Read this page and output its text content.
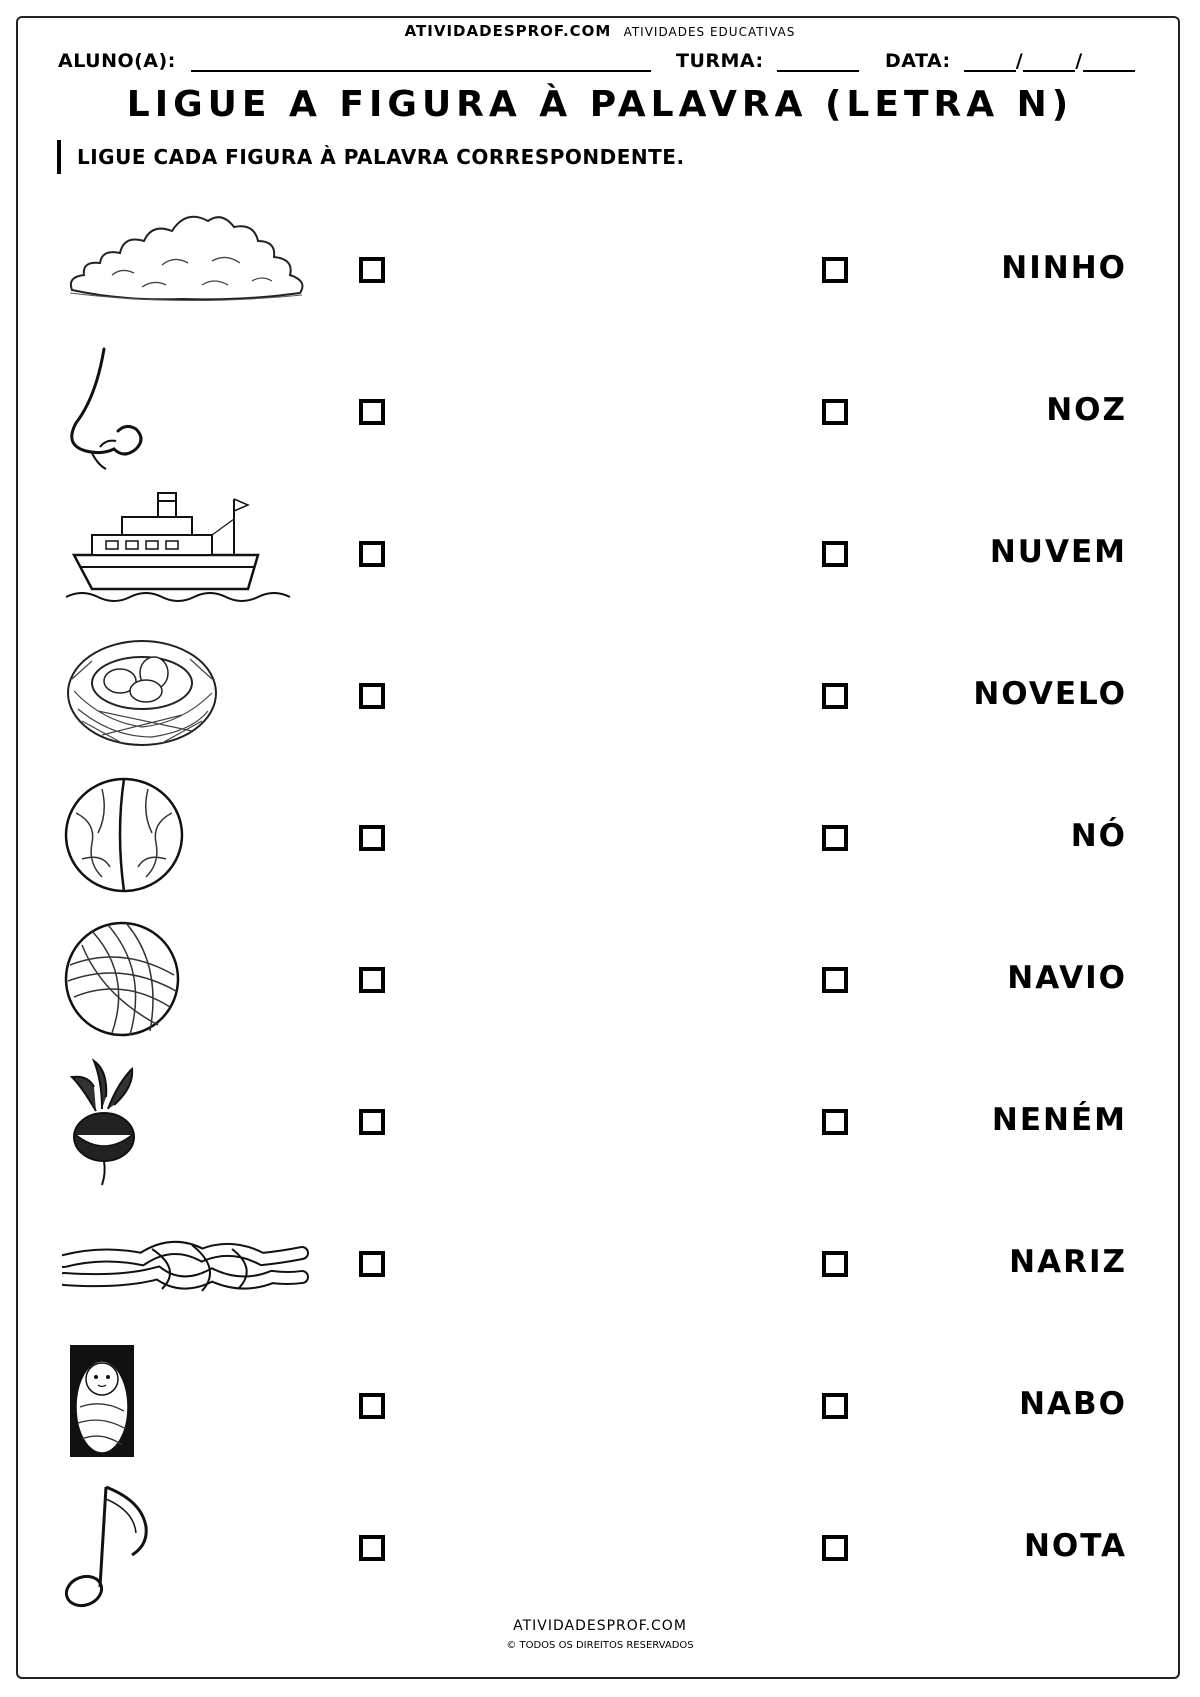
ATIVIDADESPROF.COM ATIVIDADES EDUCATIVAS
ALUNO(A):	TURMA:	DATA:	/	/
LIGUE A FIGURA À PALAVRA (LETRA N)
LIGUE CADA FIGURA À PALAVRA CORRESPONDENTE.
NINHO
NOZ
NUVEM
NOVELO
NÓ
NAVIO
NENÉM
NARIZ
NABO
NOTA
ATIVIDADESPROF.COM
© TODOS OS DIREITOS RESERVADOS
